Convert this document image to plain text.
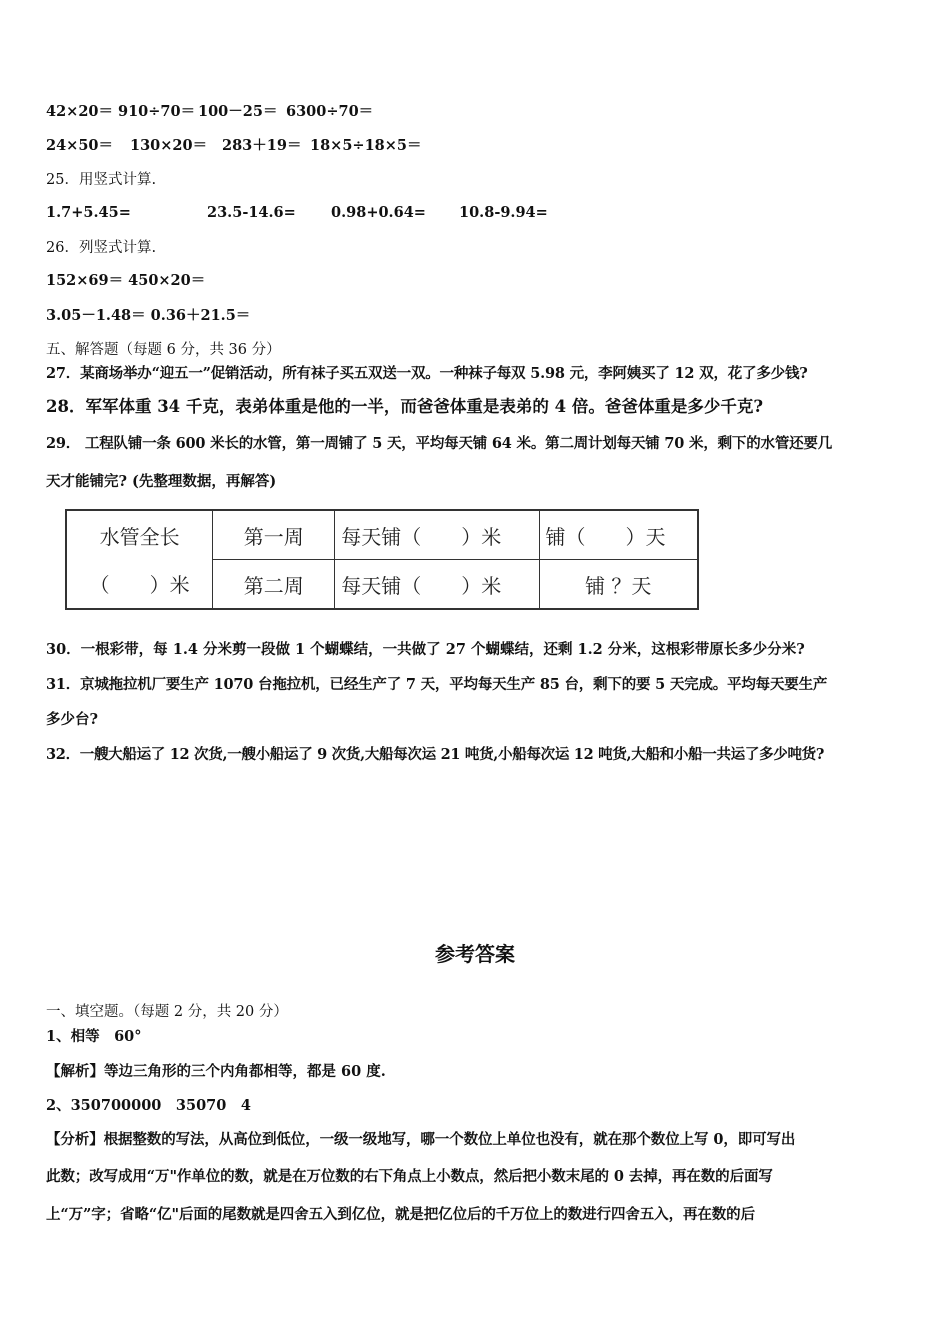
42×20＝ 910÷70＝ 100－25＝ 6300÷70＝
24×50＝ 130×20＝ 283＋19＝ 18×5÷18×5＝
25．用竖式计算.
1.7+5.45=	23.5-14.6= 0.98+0.64= 10.8-9.94=
26．列竖式计算.
152×69＝ 450×20＝
3.05－1.48＝ 0.36＋21.5＝
五、解答题（每题 6 分，共 36 分）
27．某商场举办“迎五一”促销活动，所有袜子买五双送一双。一种袜子每双 5.98 元，李阿姨买了 12 双，花了多少钱?
28．军军体重 34 千克，表弟体重是他的一半，而爸爸体重是表弟的 4 倍。爸爸体重是多少千克?
29． 工程队铺一条 600 米长的水管，第一周铺了 5 天，平均每天铺 64 米。第二周计划每天铺 70 米，剩下的水管还要几
天才能铺完? (先整理数据，再解答)
水管全长	第一周	每天铺（　　）米	铺（　　）天
（　　）米	第二周	每天铺（　　）米	铺 ？天
30．一根彩带，每 1.4 分米剪一段做 1 个蝴蝶结，一共做了 27 个蝴蝶结，还剩 1.2 分米，这根彩带原长多少分米?
31．京城拖拉机厂要生产 1070 台拖拉机，已经生产了 7 天，平均每天生产 85 台，剩下的要 5 天完成。平均每天要生产
多少台?
32．一艘大船运了 12 次货,一艘小船运了 9 次货,大船每次运 21 吨货,小船每次运 12 吨货,大船和小船一共运了多少吨货?
参考答案
一、填空题。（每题 2 分，共 20 分）
1、相等　60°
【解析】等边三角形的三个内角都相等，都是 60 度.
2、350700000　35070　4
【分析】根据整数的写法，从高位到低位，一级一级地写，哪一个数位上单位也没有，就在那个数位上写 0，即可写出
此数；改写成用“万"作单位的数，就是在万位数的右下角点上小数点，然后把小数末尾的 0 去掉，再在数的后面写
上“万”字；省略“亿"后面的尾数就是四舍五入到亿位，就是把亿位后的千万位上的数进行四舍五入，再在数的后
